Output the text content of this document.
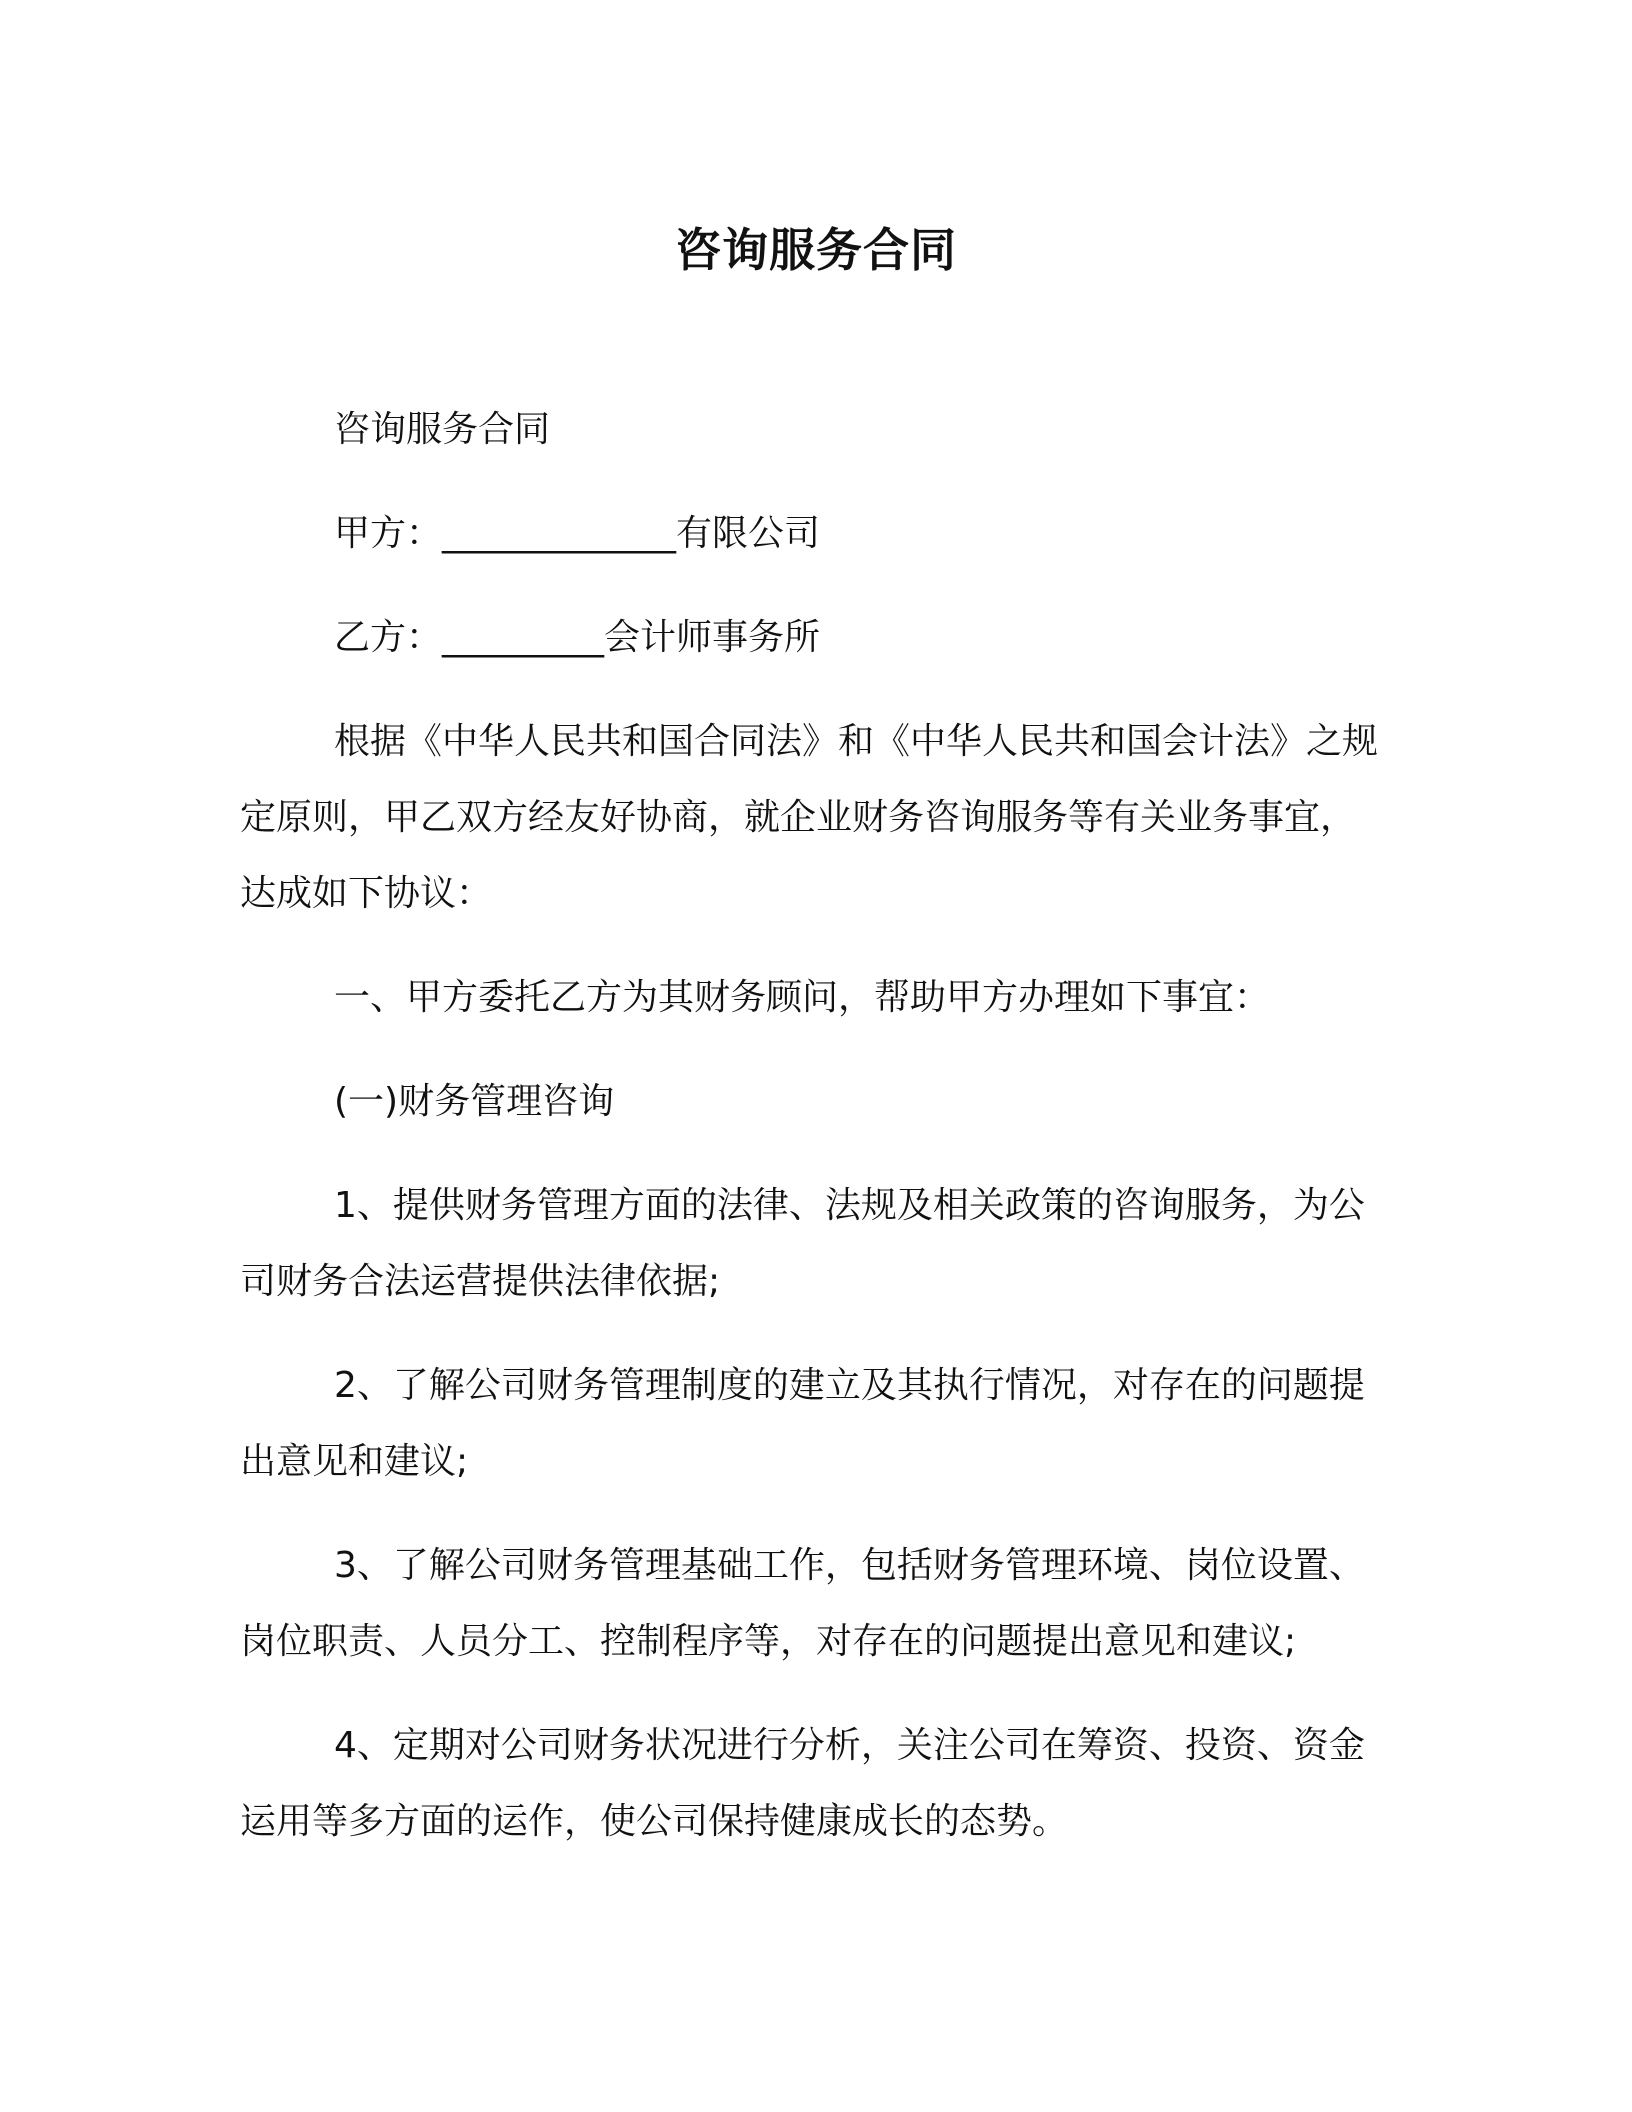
咨询服务合同

咨询服务合同

甲方：_____________有限公司

乙方：_________会计师事务所

根据《中华人民共和国合同法》和《中华人民共和国会计法》之规定原则，甲乙双方经友好协商，就企业财务咨询服务等有关业务事宜，达成如下协议：

一、甲方委托乙方为其财务顾问，帮助甲方办理如下事宜：

(一)财务管理咨询

1、提供财务管理方面的法律、法规及相关政策的咨询服务，为公司财务合法运营提供法律依据;

2、了解公司财务管理制度的建立及其执行情况，对存在的问题提出意见和建议;

3、了解公司财务管理基础工作，包括财务管理环境、岗位设置、岗位职责、人员分工、控制程序等，对存在的问题提出意见和建议;

4、定期对公司财务状况进行分析，关注公司在筹资、投资、资金运用等多方面的运作，使公司保持健康成长的态势。
